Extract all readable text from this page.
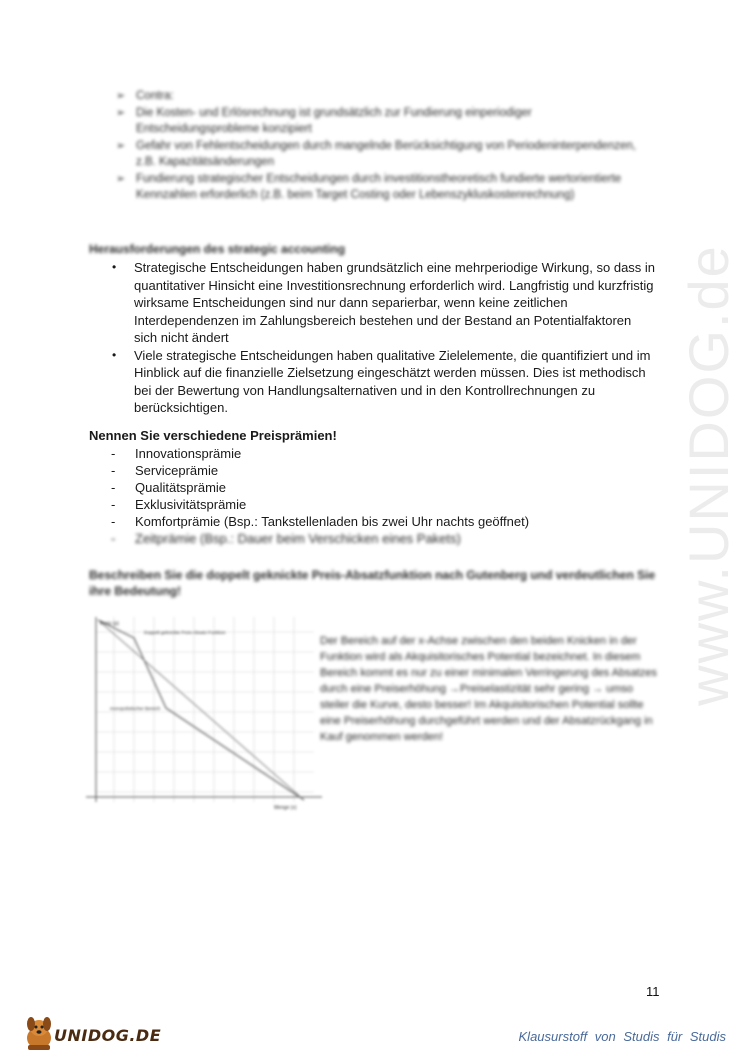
www.UNIDOG.de
➢ Contra:
➢ Die Kosten- und Erlösrechnung ist grundsätzlich zur Fundierung einperiodiger Entscheidungsprobleme konzipiert
➢ Gefahr von Fehlentscheidungen durch mangelnde Berücksichtigung von Periodeninterpendenzen, z.B. Kapazitätsänderungen
➢ Fundierung strategischer Entscheidungen durch investitionstheoretisch fundierte wertorientierte Kennzahlen erforderlich (z.B. beim Target Costing oder Lebenszykluskostenrechnung)
Herausforderungen des strategic accounting
• Strategische Entscheidungen haben grundsätzlich eine mehrperiodige Wirkung, so dass in quantitativer Hinsicht eine Investitionsrechnung erforderlich wird. Langfristig und kurzfristig wirksame Entscheidungen sind nur dann separierbar, wenn keine zeitlichen Interdependenzen im Zahlungsbereich bestehen und der Bestand an Potentialfaktoren sich nicht ändert
• Viele strategische Entscheidungen haben qualitative Zielelemente, die quantifiziert und im Hinblick auf die finanzielle Zielsetzung eingeschätzt werden müssen. Dies ist methodisch bei der Bewertung von Handlungsalternativen und in den Kontrollrechnungen zu berücksichtigen.
Nennen Sie verschiedene Preisprämien!
- Innovationsprämie
- Serviceprämie
- Qualitätsprämie
- Exklusivitätsprämie
- Komfortprämie (Bsp.: Tankstellenladen bis zwei Uhr nachts geöffnet)
- Zeitprämie (Bsp.: Dauer beim Verschicken eines Pakets)
Beschreiben Sie die doppelt geknickte Preis-Absatzfunktion nach Gutenberg und verdeutlichen Sie ihre Bedeutung!
Preis (p)
Doppelt-geknickte Preis-Absatz-Funktion
monopolistischer Bereich
Menge (x)
Der Bereich auf der x-Achse zwischen den beiden Knicken in der Funktion wird als Akquisitorisches Potential bezeichnet. In diesem Bereich kommt es nur zu einer minimalen Verringerung des Absatzes durch eine Preiserhöhung →Preiselastizität sehr gering → umso steiler die Kurve, desto besser! Im Akquisitorischen Potential sollte eine Preiserhöhung durchgeführt werden und der Absatzrückgang in Kauf genommen werden!
11
UNIDOG.DE	Klausurstoff von Studis für Studis
